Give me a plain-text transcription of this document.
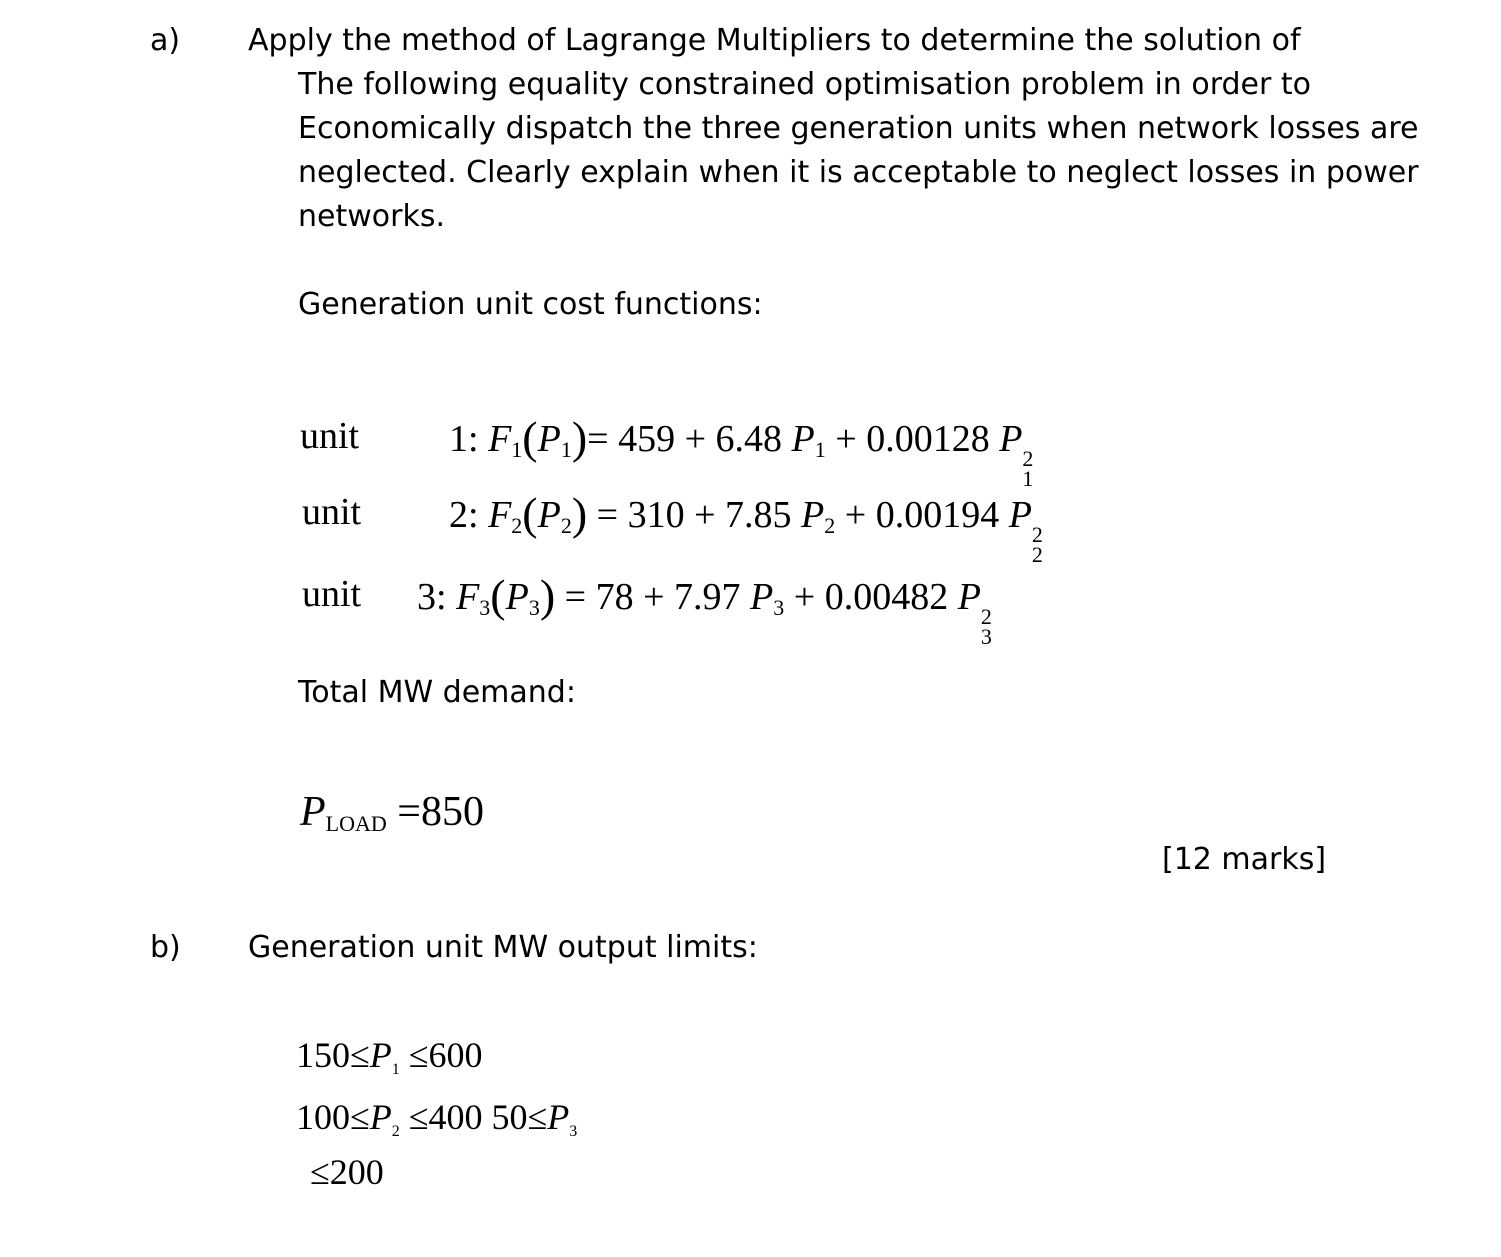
a) Apply the method of Lagrange Multipliers to determine the solution of
The following equality constrained optimisation problem in order to
Economically dispatch the three generation units when network losses are
neglected. Clearly explain when it is acceptable to neglect losses in power
networks.
Generation unit cost functions:
unit 1: F1(P1)= 459 + 6.48 P1 + 0.00128 P
1
2
unit 2: F2(P2) = 310 + 7.85 P2 + 0.00194 P
2
2
unit 3: F3(P3) = 78 + 7.97 P3 + 0.00482 P
3
2
Total MW demand:
PLOAD =850
[12 marks]
b) Generation unit MW output limits:
150≤P1 ≤600
100≤P2 ≤400 50≤P3
≤200
